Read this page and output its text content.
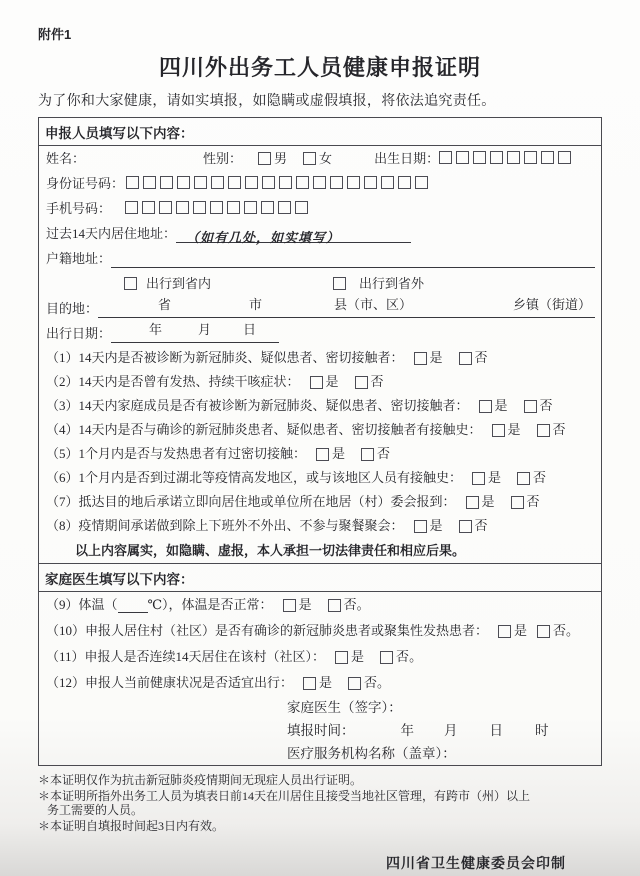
附件1
四川外出务工人员健康申报证明
为了你和大家健康，请如实填报，如隐瞒或虚假填报，将依法追究责任。
申报人员填写以下内容：
姓名：	性别： 男 女	出生日期：
身份证号码：
手机号码：
过去14天内居住地址： （如有几处，如实填写）
户籍地址：
出行到省内	出行到省外
目的地：	省	市	县（市、区）	乡镇（街道）
出行日期：	年	月 日
（1）14天内是否被诊断为新冠肺炎、疑似患者、密切接触者： 是 否
（2）14天内是否曾有发热、持续干咳症状： 是 否
（3）14天内家庭成员是否有被诊断为新冠肺炎、疑似患者、密切接触者： 是 否
（4）14天内是否与确诊的新冠肺炎患者、疑似患者、密切接触者有接触史： 是 否
（5）1个月内是否与发热患者有过密切接触： 是 否
（6）1个月内是否到过湖北等疫情高发地区，或与该地区人员有接触史： 是 否
（7）抵达目的地后承诺立即向居住地或单位所在地居（村）委会报到： 是 否
（8）疫情期间承诺做到除上下班外不外出、不参与聚餐聚会： 是 否
以上内容属实，如隐瞒、虚报，本人承担一切法律责任和相应后果。
家庭医生填写以下内容：
（9）体温（ ℃），体温是否正常： 是 否 。
（10）申报人居住村（社区）是否有确诊的新冠肺炎患者或聚集性发热患者： 是 否 。
（11）申报人是否连续14天居住在该村（社区）： 是 否 。
（12）申报人当前健康状况是否适宜出行： 是 否 。
家庭医生（签字）：
填报时间：	年 月 日 时
医疗服务机构名称（盖章）：
＊本证明仅作为抗击新冠肺炎疫情期间无现症人员出行证明。
＊本证明所指外出务工人员为填表日前14天在川居住且接受当地社区管理，有跨市（州）以上务工需要的人员。
＊本证明自填报时间起3日内有效。
四川省卫生健康委员会印制
